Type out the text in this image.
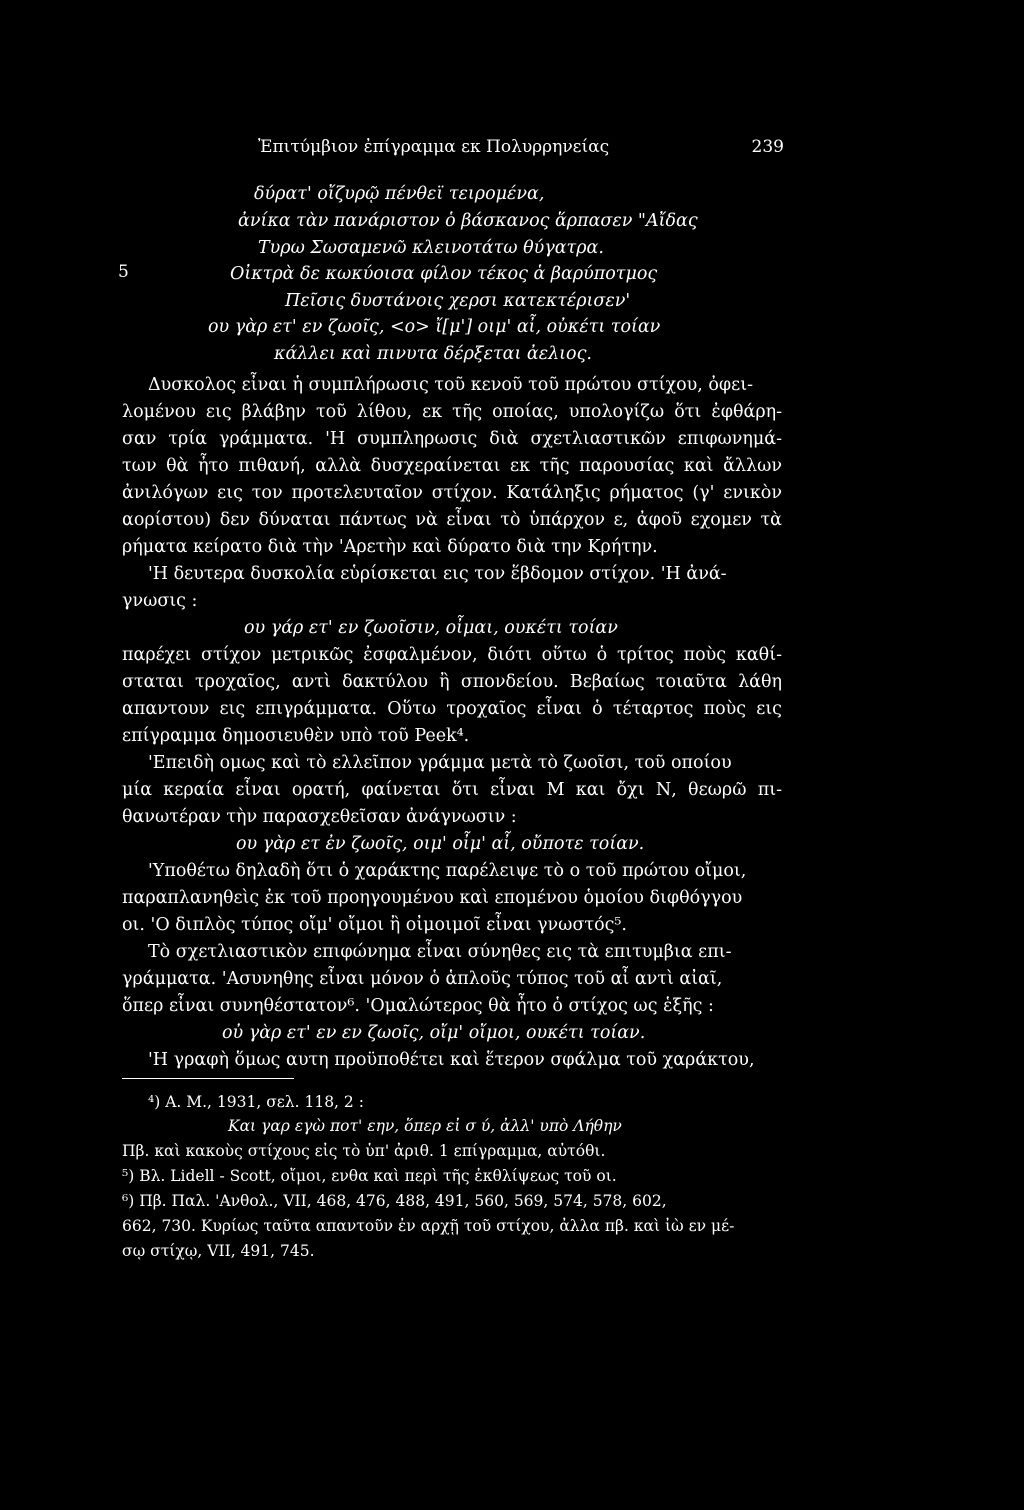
Ἐπιτύμβιον ἐπίγραμμα εκ Πολυρρηνείας	239
δύρατ' οἴζυρῷ πένθεϊ τειρομένα,
ἀνίκα τὰν πανάριστον ὁ βάσκανος ἅρπασεν "Αἴδας
Τυρω Σωσαμενῶ κλεινοτάτω θύγατρα.
5	Οἰκτρὰ δε κωκύοισα φίλον τέκος ἁ βαρύποτμος
Πεῖσις δυστάνοις χερσι κατεκτέρισεν'
ου γὰρ ετ' εν ζωοῖς, <ο> ἴ[μ'] οιμ' αἶ, οὐκέτι τοίαν
κάλλει καὶ πινυτα δέρξεται ἀελιος.
Δυσκολος εἶναι ἡ συμπλήρωσις τοῦ κενοῦ τοῦ πρώτου στίχου, ὀφει-
λομένου εις βλάβην τοῦ λίθου, εκ τῆς οποίας, υπολογίζω ὅτι ἐφθάρη-
σαν τρία γράμματα. 'Η συμπληρωσις διὰ σχετλιαστικῶν επιφωνημά-
των θὰ ἦτο πιθανή, αλλὰ δυσχεραίνεται εκ τῆς παρουσίας καὶ ἄλλων
ἀνιλόγων εις τον προτελευταῖον στίχον. Κατάληξις ρήματος (γ' ενικὸν
αορίστου) δεν δύναται πάντως νὰ εἶναι τὸ ὑπάρχον ε, ἀφοῦ εχομεν τὰ
ρήματα κείρατο διὰ τὴν 'Αρετὴν καὶ δύρατο διὰ την Κρήτην.
'Η δευτερα δυσκολία εὑρίσκεται εις τον ἕβδομον στίχον. 'Η ἀνά-
γνωσις :
ου γάρ ετ' εν ζωοῖσιν, οἶμαι, ουκέτι τοίαν
παρέχει στίχον μετρικῶς ἐσφαλμένον, διότι οὕτω ὁ τρίτος ποὺς καθί-
σταται τροχαῖος, αντὶ δακτύλου ἢ σπονδείου. Βεβαίως τοιαῦτα λάθη
απαντουν εις επιγράμματα. Οὕτω τροχαῖος εἶναι ὁ τέταρτος ποὺς εις
επίγραμμα δημοσιευθὲν υπὸ τοῦ Peek⁴.
'Επειδὴ ομως καὶ τὸ ελλεῖπον γράμμα μετὰ τὸ ζωοῖσι, τοῦ οποίου
μία κεραία εἶναι ορατή, φαίνεται ὅτι εἶναι Μ και ὄχι Ν, θεωρῶ πι-
θανωτέραν τὴν παρασχεθεῖσαν ἀνάγνωσιν :
ου γὰρ ετ ἐν ζωοῖς, οιμ' οἶμ' αἶ, οὔποτε τοίαν.
'Υποθέτω δηλαδὴ ὅτι ὁ χαράκτης παρέλειψε τὸ ο τοῦ πρώτου οἴμοι,
παραπλανηθεὶς ἐκ τοῦ προηγουμένου καὶ επομένου ὁμοίου διφθόγγου
οι. 'Ο διπλὸς τύπος οἴμ' οἴμοι ἢ οἰμοιμοῖ εἶναι γνωστός⁵.
Τὸ σχετλιαστικὸν επιφώνημα εἶναι σύνηθες εις τὰ επιτυμβια επι-
γράμματα. 'Ασυνηθης εἶναι μόνον ὁ ἁπλοῦς τύπος τοῦ αἶ αντὶ αἰαῖ,
ὅπερ εἶναι συνηθέστατον⁶. 'Ομαλώτερος θὰ ἦτο ὁ στίχος ως ἑξῆς :
οὐ γὰρ ετ' εν εν ζωοῖς, οἴμ' οἴμοι, ουκέτι τοίαν.
'Η γραφὴ ὅμως αυτη προϋποθέτει καὶ ἕτερον σφάλμα τοῦ χαράκτου,
⁴) Α. Μ., 1931, σελ. 118, 2 :
Και γαρ εγὼ ποτ' εην, ὅπερ εἰ σ ύ, ἀλλ' υπὸ Λήθην
Πβ. καὶ κακοὺς στίχους εἰς τὸ ὑπ' ἀριθ. 1 επίγραμμα, αὐτόθι.
⁵) Βλ. Lidell - Scott, οἴμοι, ενθα καὶ περὶ τῆς ἐκθλίψεως τοῦ οι.
⁶) Πβ. Παλ. 'Ανθολ., VII, 468, 476, 488, 491, 560, 569, 574, 578, 602,
662, 730. Κυρίως ταῦτα απαντοῦν ἐν αρχῇ τοῦ στίχου, ἀλλα πβ. καὶ ἰὼ εν μέ-
σῳ στίχῳ, VII, 491, 745.
